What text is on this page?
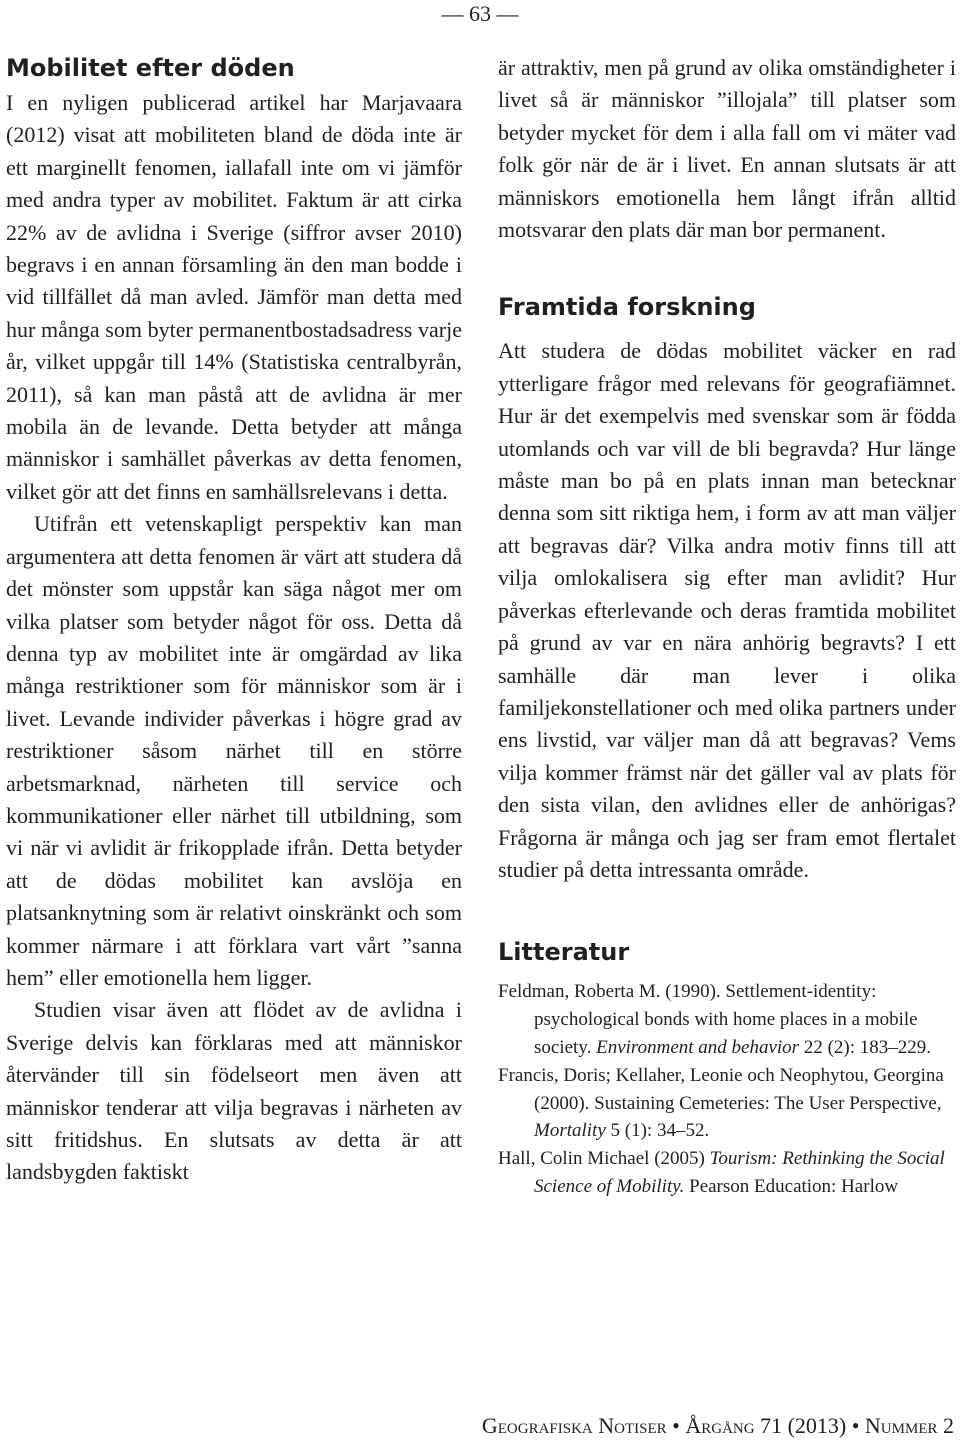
— 63 —
Mobilitet efter döden

I en nyligen publicerad artikel har Marjavaara (2012) visat att mobiliteten bland de döda inte är ett marginellt fenomen, iallafall inte om vi jämför med andra typer av mobilitet. Faktum är att cirka 22% av de avlidna i Sverige (siffror avser 2010) begravs i en annan församling än den man bodde i vid tillfället då man avled. Jämför man detta med hur många som byter permanentbostadsadress varje år, vilket uppgår till 14% (Statistiska centralbyrån, 2011), så kan man påstå att de avlidna är mer mobila än de levande. Detta betyder att många människor i samhället påverkas av detta fenomen, vilket gör att det finns en samhällsrelevans i detta.

Utifrån ett vetenskapligt perspektiv kan man argumentera att detta fenomen är värt att studera då det mönster som uppstår kan säga något mer om vilka platser som betyder något för oss. Detta då denna typ av mobilitet inte är omgärdad av lika många restriktioner som för människor som är i livet. Levande individer påverkas i högre grad av restriktioner såsom närhet till en större arbetsmarknad, närheten till service och kommunikationer eller närhet till utbildning, som vi när vi avlidit är frikopplade ifrån. Detta betyder att de dödas mobilitet kan avslöja en platsanknytning som är relativt oinskränkt och som kommer närmare i att förklara vart vårt ”sanna hem” eller emotionella hem ligger.

Studien visar även att flödet av de avlidna i Sverige delvis kan förklaras med att människor återvänder till sin födelseort men även att människor tenderar att vilja begravas i närheten av sitt fritidshus. En slutsats av detta är att landsbygden faktiskt

är attraktiv, men på grund av olika omständigheter i livet så är människor ”illojala” till platser som betyder mycket för dem i alla fall om vi mäter vad folk gör när de är i livet. En annan slutsats är att människors emotionella hem långt ifrån alltid motsvarar den plats där man bor permanent.

Framtida forskning

Att studera de dödas mobilitet väcker en rad ytterligare frågor med relevans för geografiämnet. Hur är det exempelvis med svenskar som är födda utomlands och var vill de bli begravda? Hur länge måste man bo på en plats innan man betecknar denna som sitt riktiga hem, i form av att man väljer att begravas där? Vilka andra motiv finns till att vilja omlokalisera sig efter man avlidit? Hur påverkas efterlevande och deras framtida mobilitet på grund av var en nära anhörig begravts? I ett samhälle där man lever i olika familjekonstellationer och med olika partners under ens livstid, var väljer man då att begravas? Vems vilja kommer främst när det gäller val av plats för den sista vilan, den avlidnes eller de anhörigas? Frågorna är många och jag ser fram emot flertalet studier på detta intressanta område.

Litteratur

Feldman, Roberta M. (1990). Settlement-identity: psychological bonds with home places in a mobile society. Environment and behavior 22 (2): 183–229.

Francis, Doris; Kellaher, Leonie och Neophytou, Georgina (2000). Sustaining Cemeteries: The User Perspective, Mortality 5 (1): 34–52.

Hall, Colin Michael (2005) Tourism: Rethinking the Social Science of Mobility. Pearson Education: Harlow

Geografiska Notiser • Årgång 71 (2013) • Nummer 2
